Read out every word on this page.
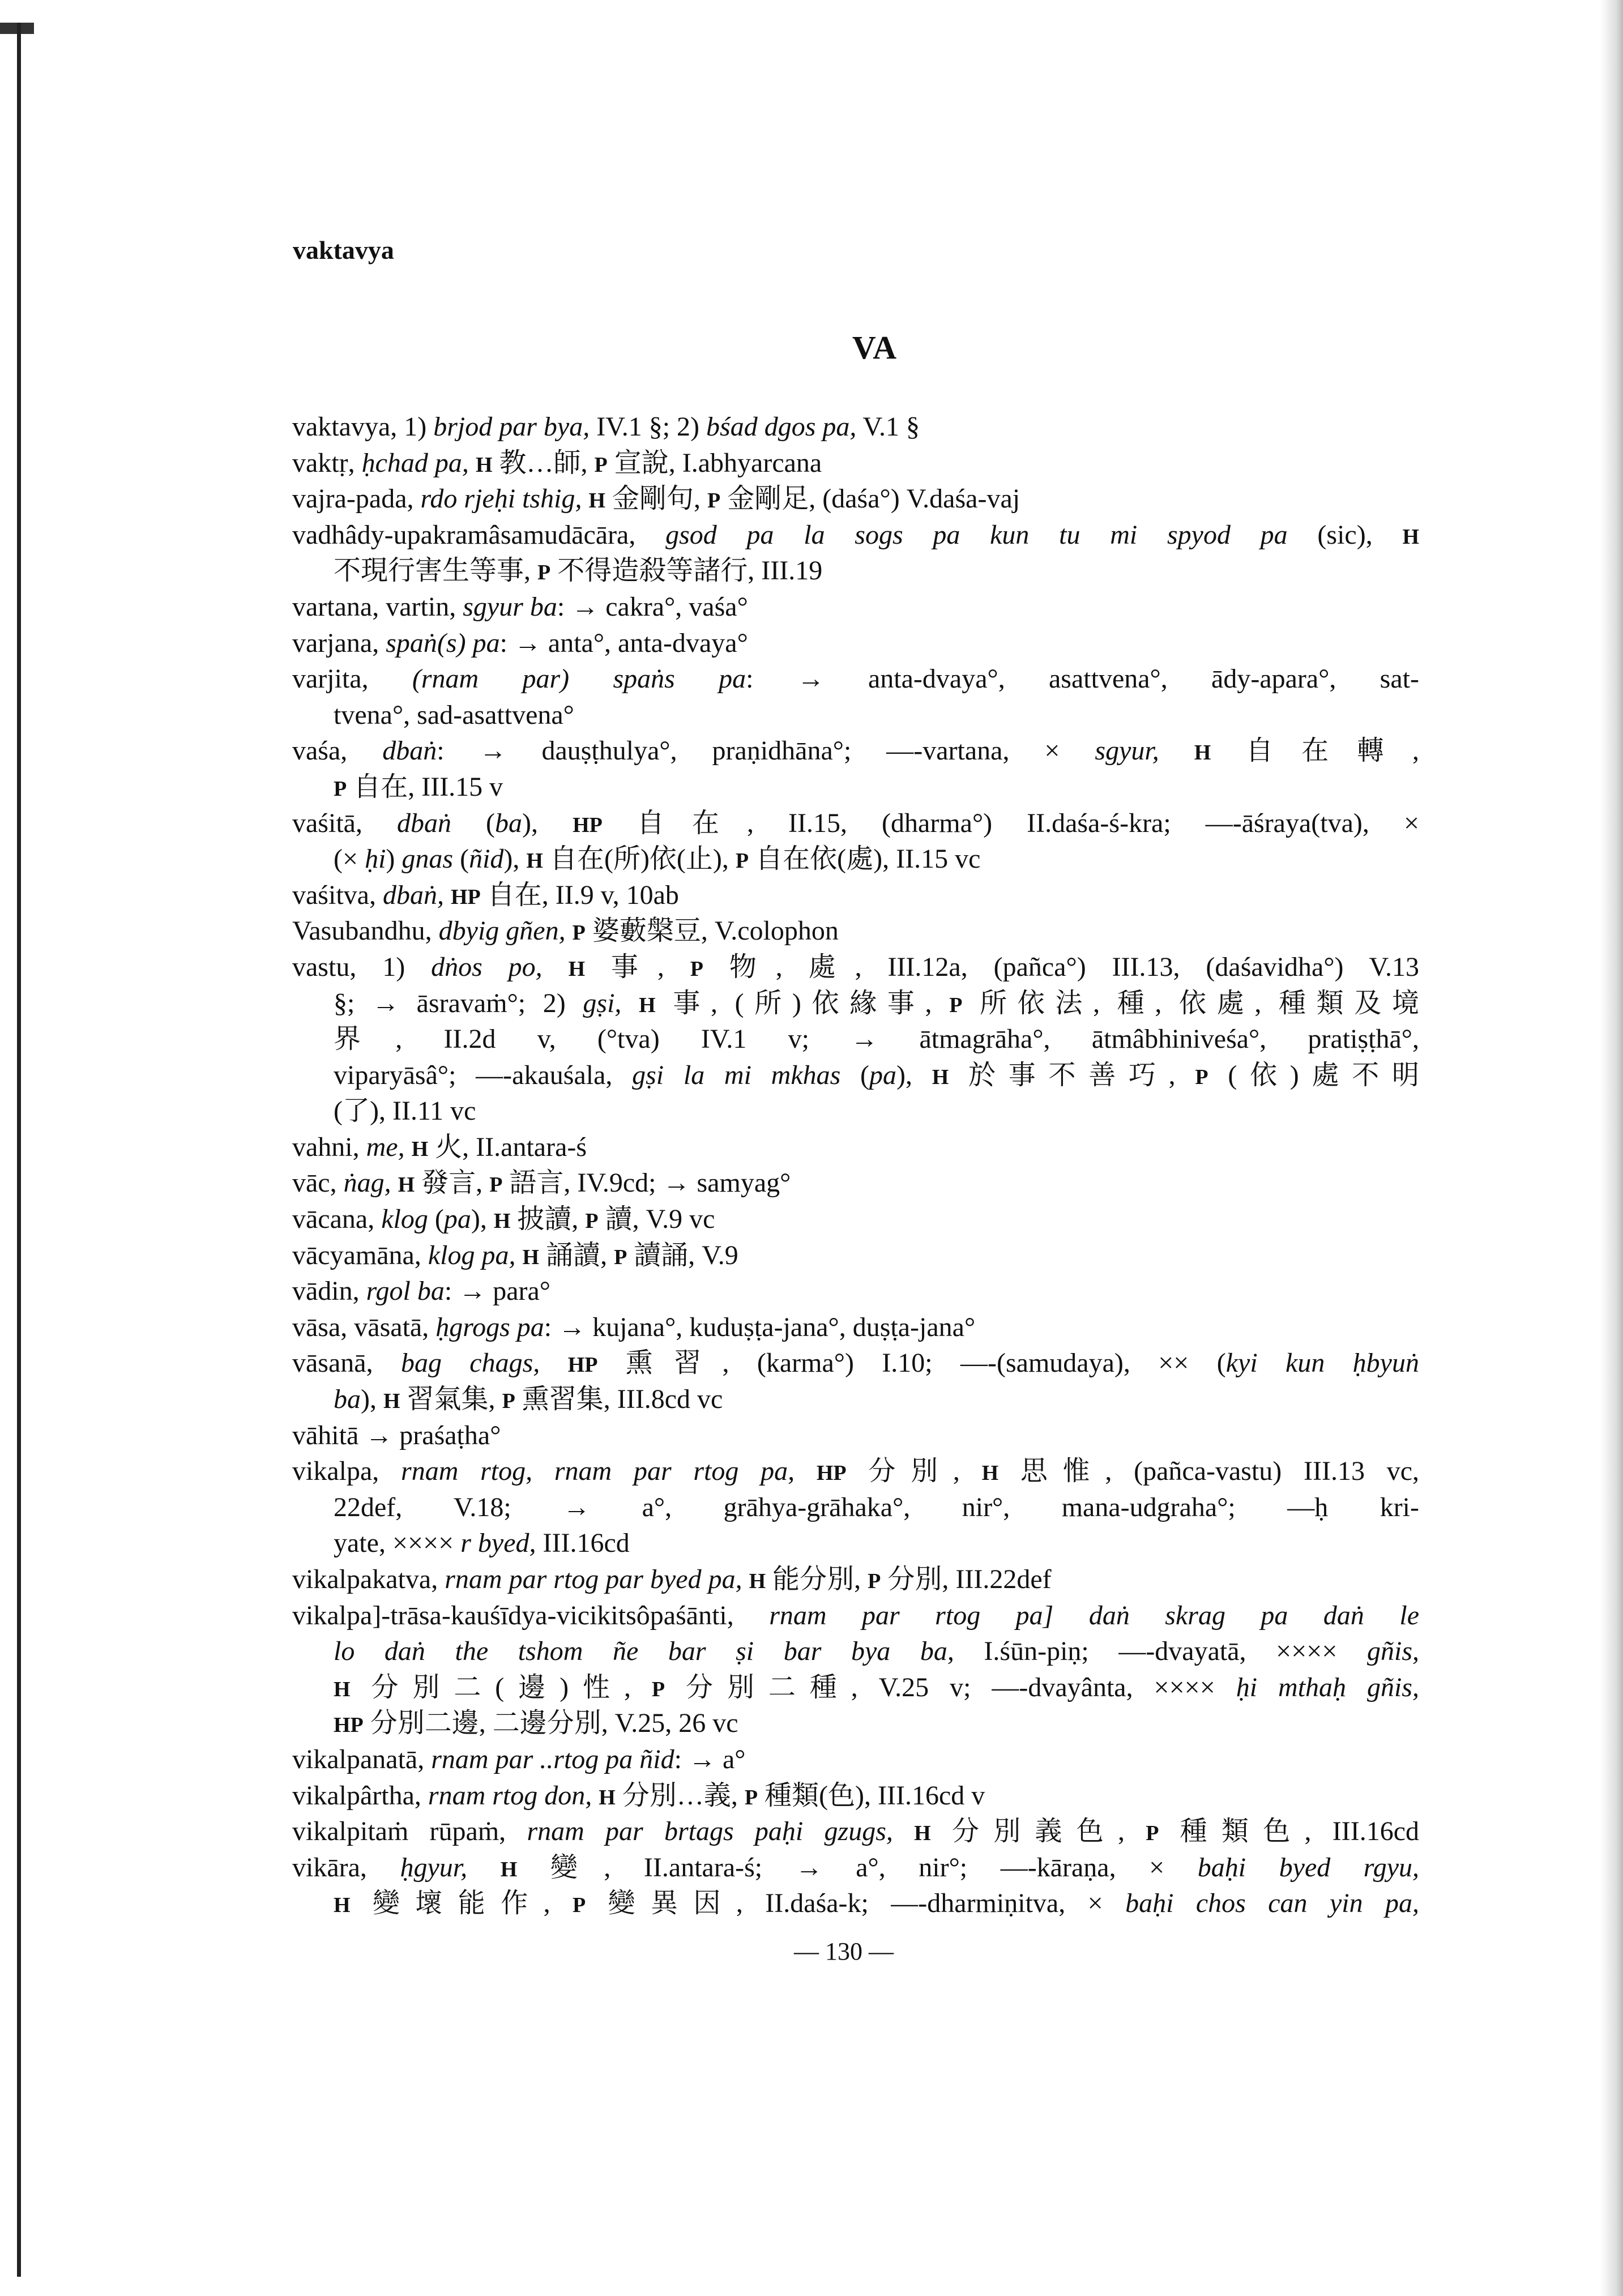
vaktavya
VA
vaktavya, 1) brjod par bya, IV.1 §; 2) bśad dgos pa, V.1 §
vaktṛ, ḥchad pa, H 教…師, P 宣說, I.abhyarcana
vajra-pada, rdo rjeḥi tshig, H 金剛句, P 金剛足, (daśa°) V.daśa-vaj
vadhâdy-upakramâsamudācāra, gsod pa la sogs pa kun tu mi spyod pa (sic), H
不現行害生等事, P 不得造殺等諸行, III.19
vartana, vartin, sgyur ba: → cakra°, vaśa°
varjana, spaṅ(s) pa: → anta°, anta-dvaya°
varjita, (rnam par) spaṅs pa: → anta-dvaya°, asattvena°, ādy-apara°, sat-
tvena°, sad-asattvena°
vaśa, dbaṅ: → dauṣṭhulya°, praṇidhāna°; —-vartana, × sgyur, H 自在轉,
P 自在, III.15 v
vaśitā, dbaṅ (ba), HP 自在, II.15, (dharma°) II.daśa-ś-kra; —-āśraya(tva), ×
(× ḥi) gnas (ñid), H 自在(所)依(止), P 自在依(處), II.15 vc
vaśitva, dbaṅ, HP 自在, II.9 v, 10ab
Vasubandhu, dbyig gñen, P 婆藪槃豆, V.colophon
vastu, 1) dṅos po, H 事, P 物, 處, III.12a, (pañca°) III.13, (daśavidha°) V.13
§; → āsravaṁ°; 2) gṣi, H 事, (所)依緣事, P 所依法, 種, 依處, 種類及境
界, II.2d v, (°tva) IV.1 v; → ātmagrāha°, ātmâbhiniveśa°, pratiṣṭhā°,
viparyāsâ°; —-akauśala, gṣi la mi mkhas (pa), H 於事不善巧, P (依)處不明
(了), II.11 vc
vahni, me, H 火, II.antara-ś
vāc, ṅag, H 發言, P 語言, IV.9cd; → samyag°
vācana, klog (pa), H 披讀, P 讀, V.9 vc
vācyamāna, klog pa, H 誦讀, P 讀誦, V.9
vādin, rgol ba: → para°
vāsa, vāsatā, ḥgrogs pa: → kujana°, kuduṣṭa-jana°, duṣṭa-jana°
vāsanā, bag chags, HP 熏習, (karma°) I.10; —-(samudaya), ×× (kyi kun ḥbyuṅ
ba), H 習氣集, P 熏習集, III.8cd vc
vāhitā → praśaṭha°
vikalpa, rnam rtog, rnam par rtog pa, HP 分別, H 思惟, (pañca-vastu) III.13 vc,
22def, V.18; → a°, grāhya-grāhaka°, nir°, mana-udgraha°; —ḥ kri-
yate, ×××× r byed, III.16cd
vikalpakatva, rnam par rtog par byed pa, H 能分別, P 分別, III.22def
vikalpa]-trāsa-kauśīdya-vicikitsôpaśānti, rnam par rtog pa] daṅ skrag pa daṅ le
lo daṅ the tshom ñe bar ṣi bar bya ba, I.śūn-piṇ; —-dvayatā, ×××× gñis,
H 分別二(邊)性, P 分別二種, V.25 v; —-dvayânta, ×××× ḥi mthaḥ gñis,
HP 分別二邊, 二邊分別, V.25, 26 vc
vikalpanatā, rnam par ..rtog pa ñid: → a°
vikalpârtha, rnam rtog don, H 分別…義, P 種類(色), III.16cd v
vikalpitaṁ rūpaṁ, rnam par brtags paḥi gzugs, H 分別義色, P 種類色, III.16cd
vikāra, ḥgyur, H 變, II.antara-ś; → a°, nir°; —-kāraṇa, × baḥi byed rgyu,
H 變壞能作, P 變異因, II.daśa-k; —-dharmiṇitva, × baḥi chos can yin pa,
— 130 —
